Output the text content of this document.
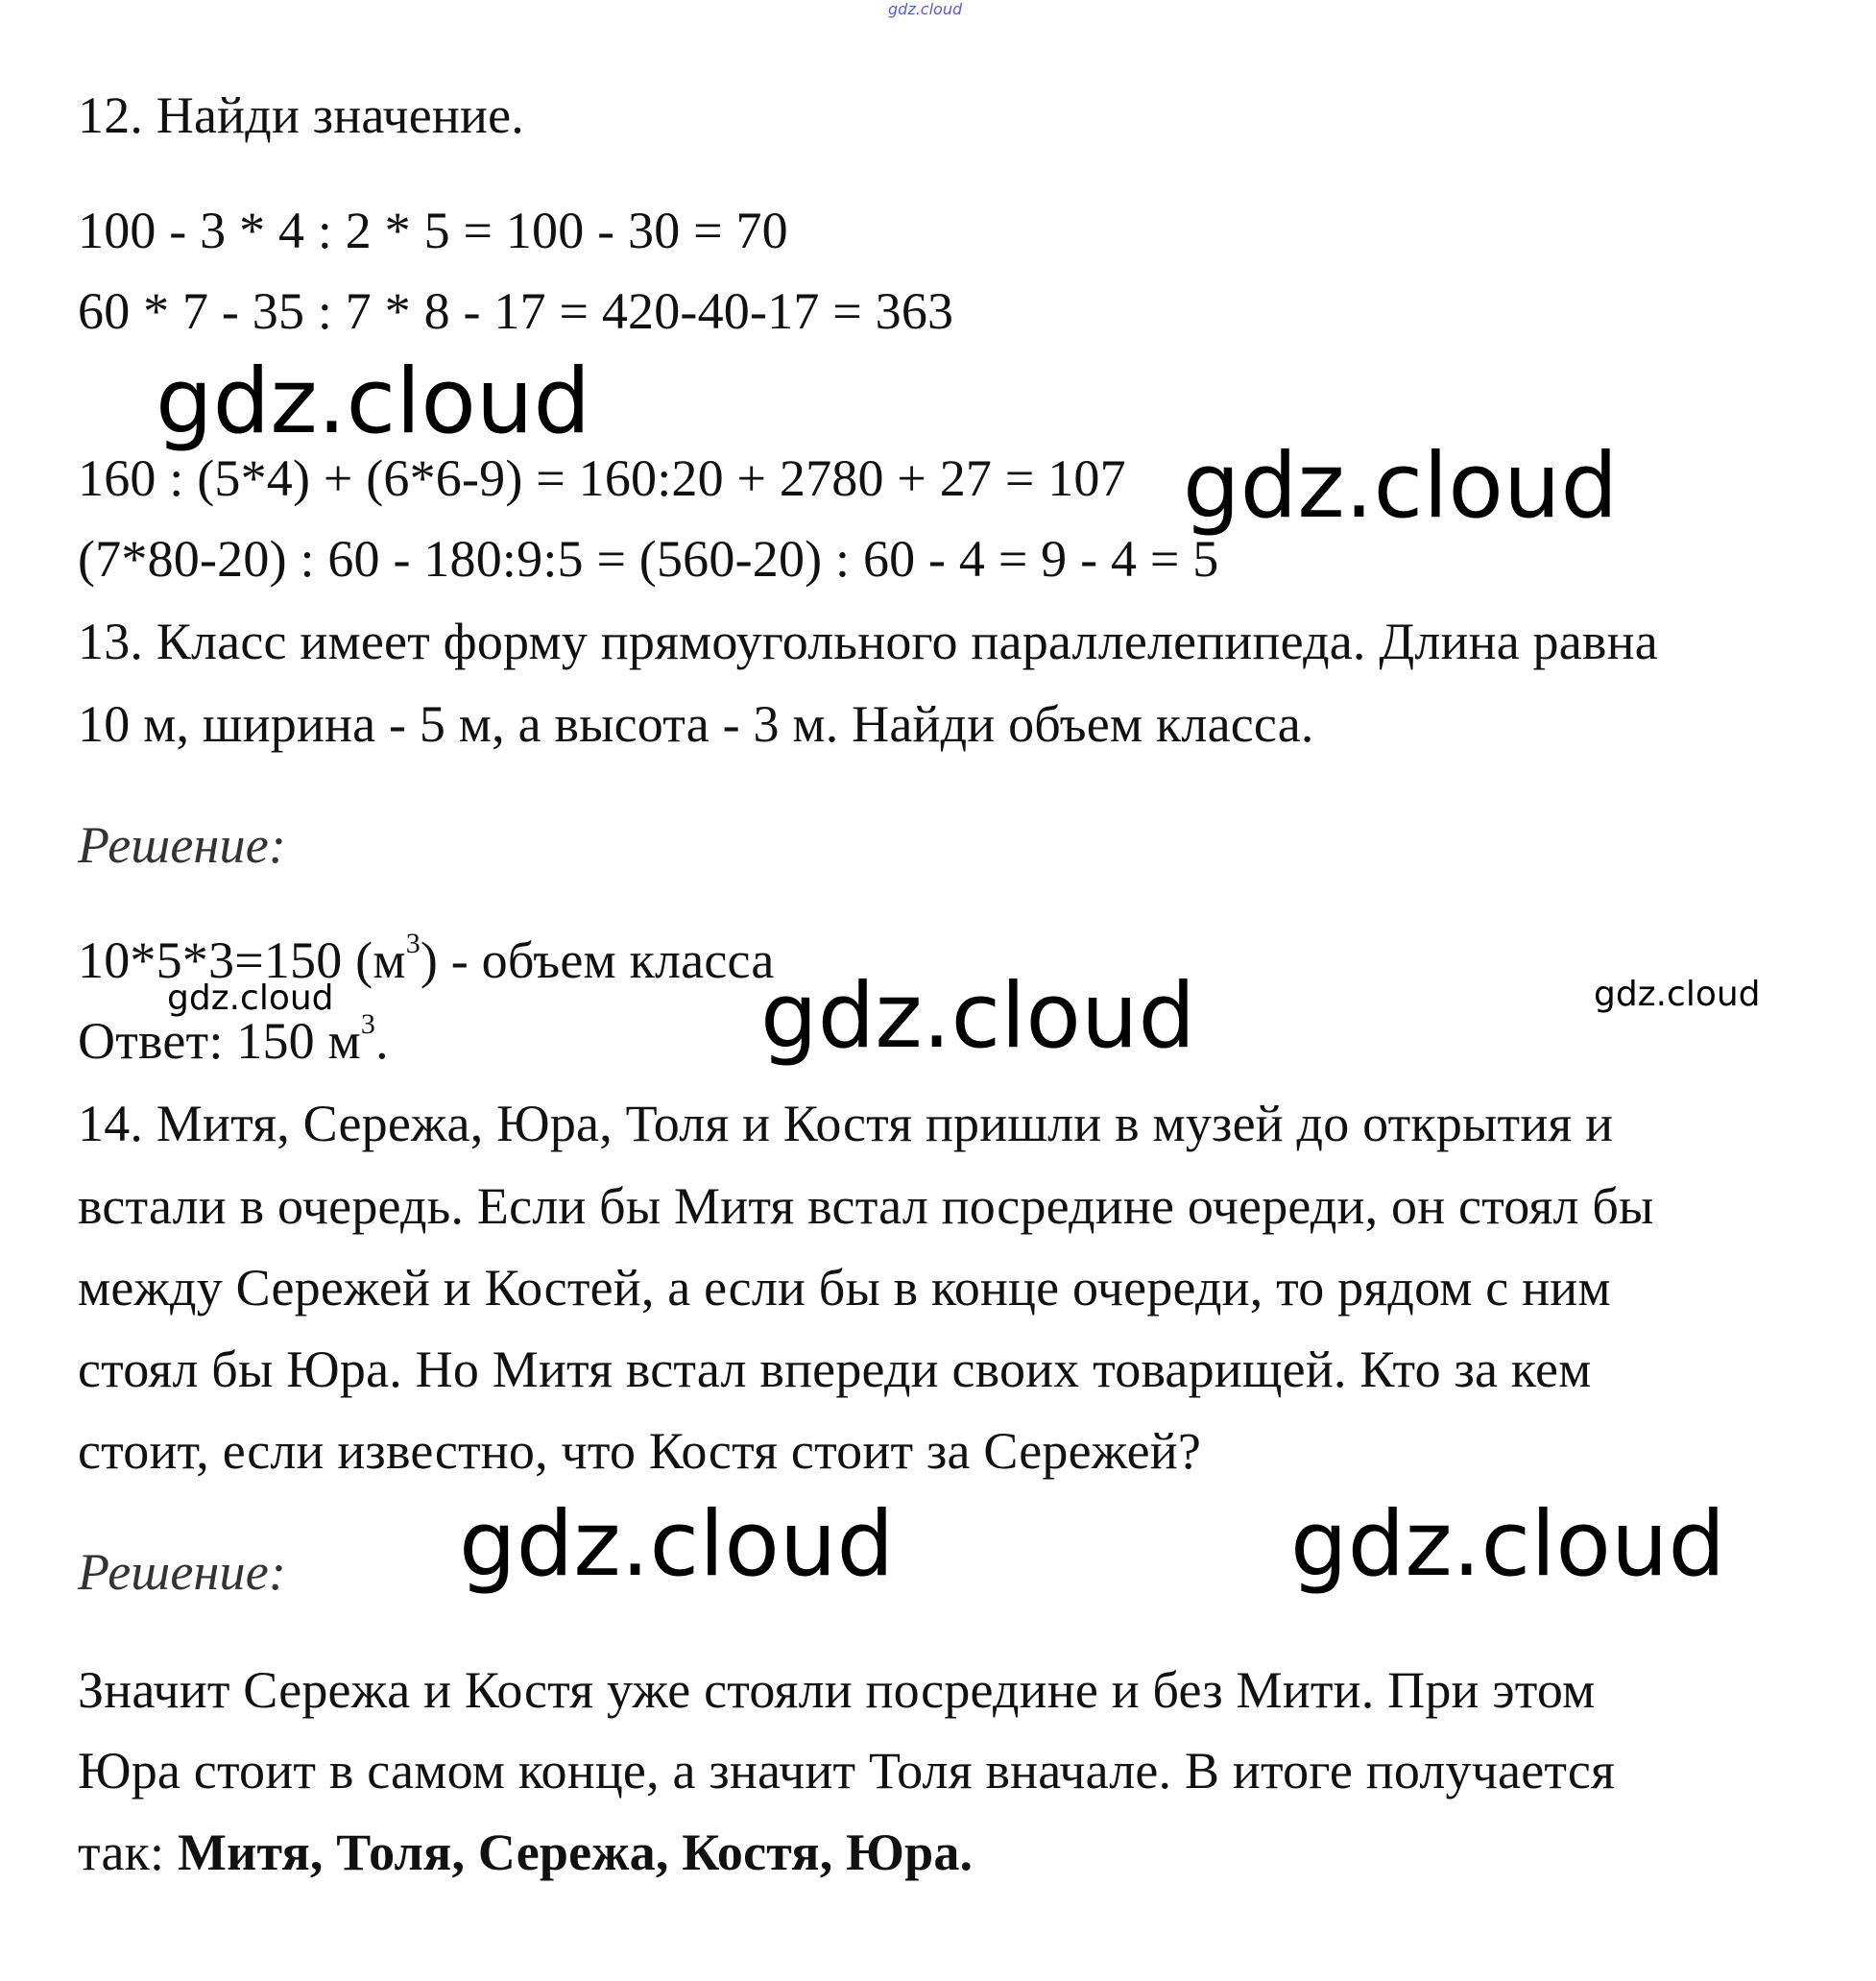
gdz.cloud
12. Найди значение.
100 - 3 * 4 : 2 * 5 = 100 - 30 = 70
60 * 7 - 35 : 7 * 8 - 17 = 420-40-17 = 363
160 : (5*4) + (6*6-9) = 160:20 + 2780 + 27 = 107
(7*80-20) : 60 - 180:9:5 = (560-20) : 60 - 4 = 9 - 4 = 5
13. Класс имеет форму прямоугольного параллелепипеда. Длина равна
10 м, ширина - 5 м, а высота - 3 м. Найди объем класса.
Решение:
10*5*3=150 $(м^3)$ - объем класса
Ответ: 150 $м^3$.
14. Митя, Сережа, Юра, Толя и Костя пришли в музей до открытия и
встали в очередь. Если бы Митя встал посредине очереди, он стоял бы
между Сережей и Костей, а если бы в конце очереди, то рядом с ним
стоял бы Юра. Но Митя встал впереди своих товарищей. Кто за кем
стоит, если известно, что Костя стоит за Сережей?
Решение:
Значит Сережа и Костя уже стояли посредине и без Мити. При этом
Юра стоит в самом конце, а значит Толя вначале. В итоге получается
так: Митя, Толя, Сережа, Костя, Юра.
gdz.cloud
gdz.cloud
gdz.cloud	gdz.cloud	gdz.cloud
gdz.cloud	gdz.cloud
